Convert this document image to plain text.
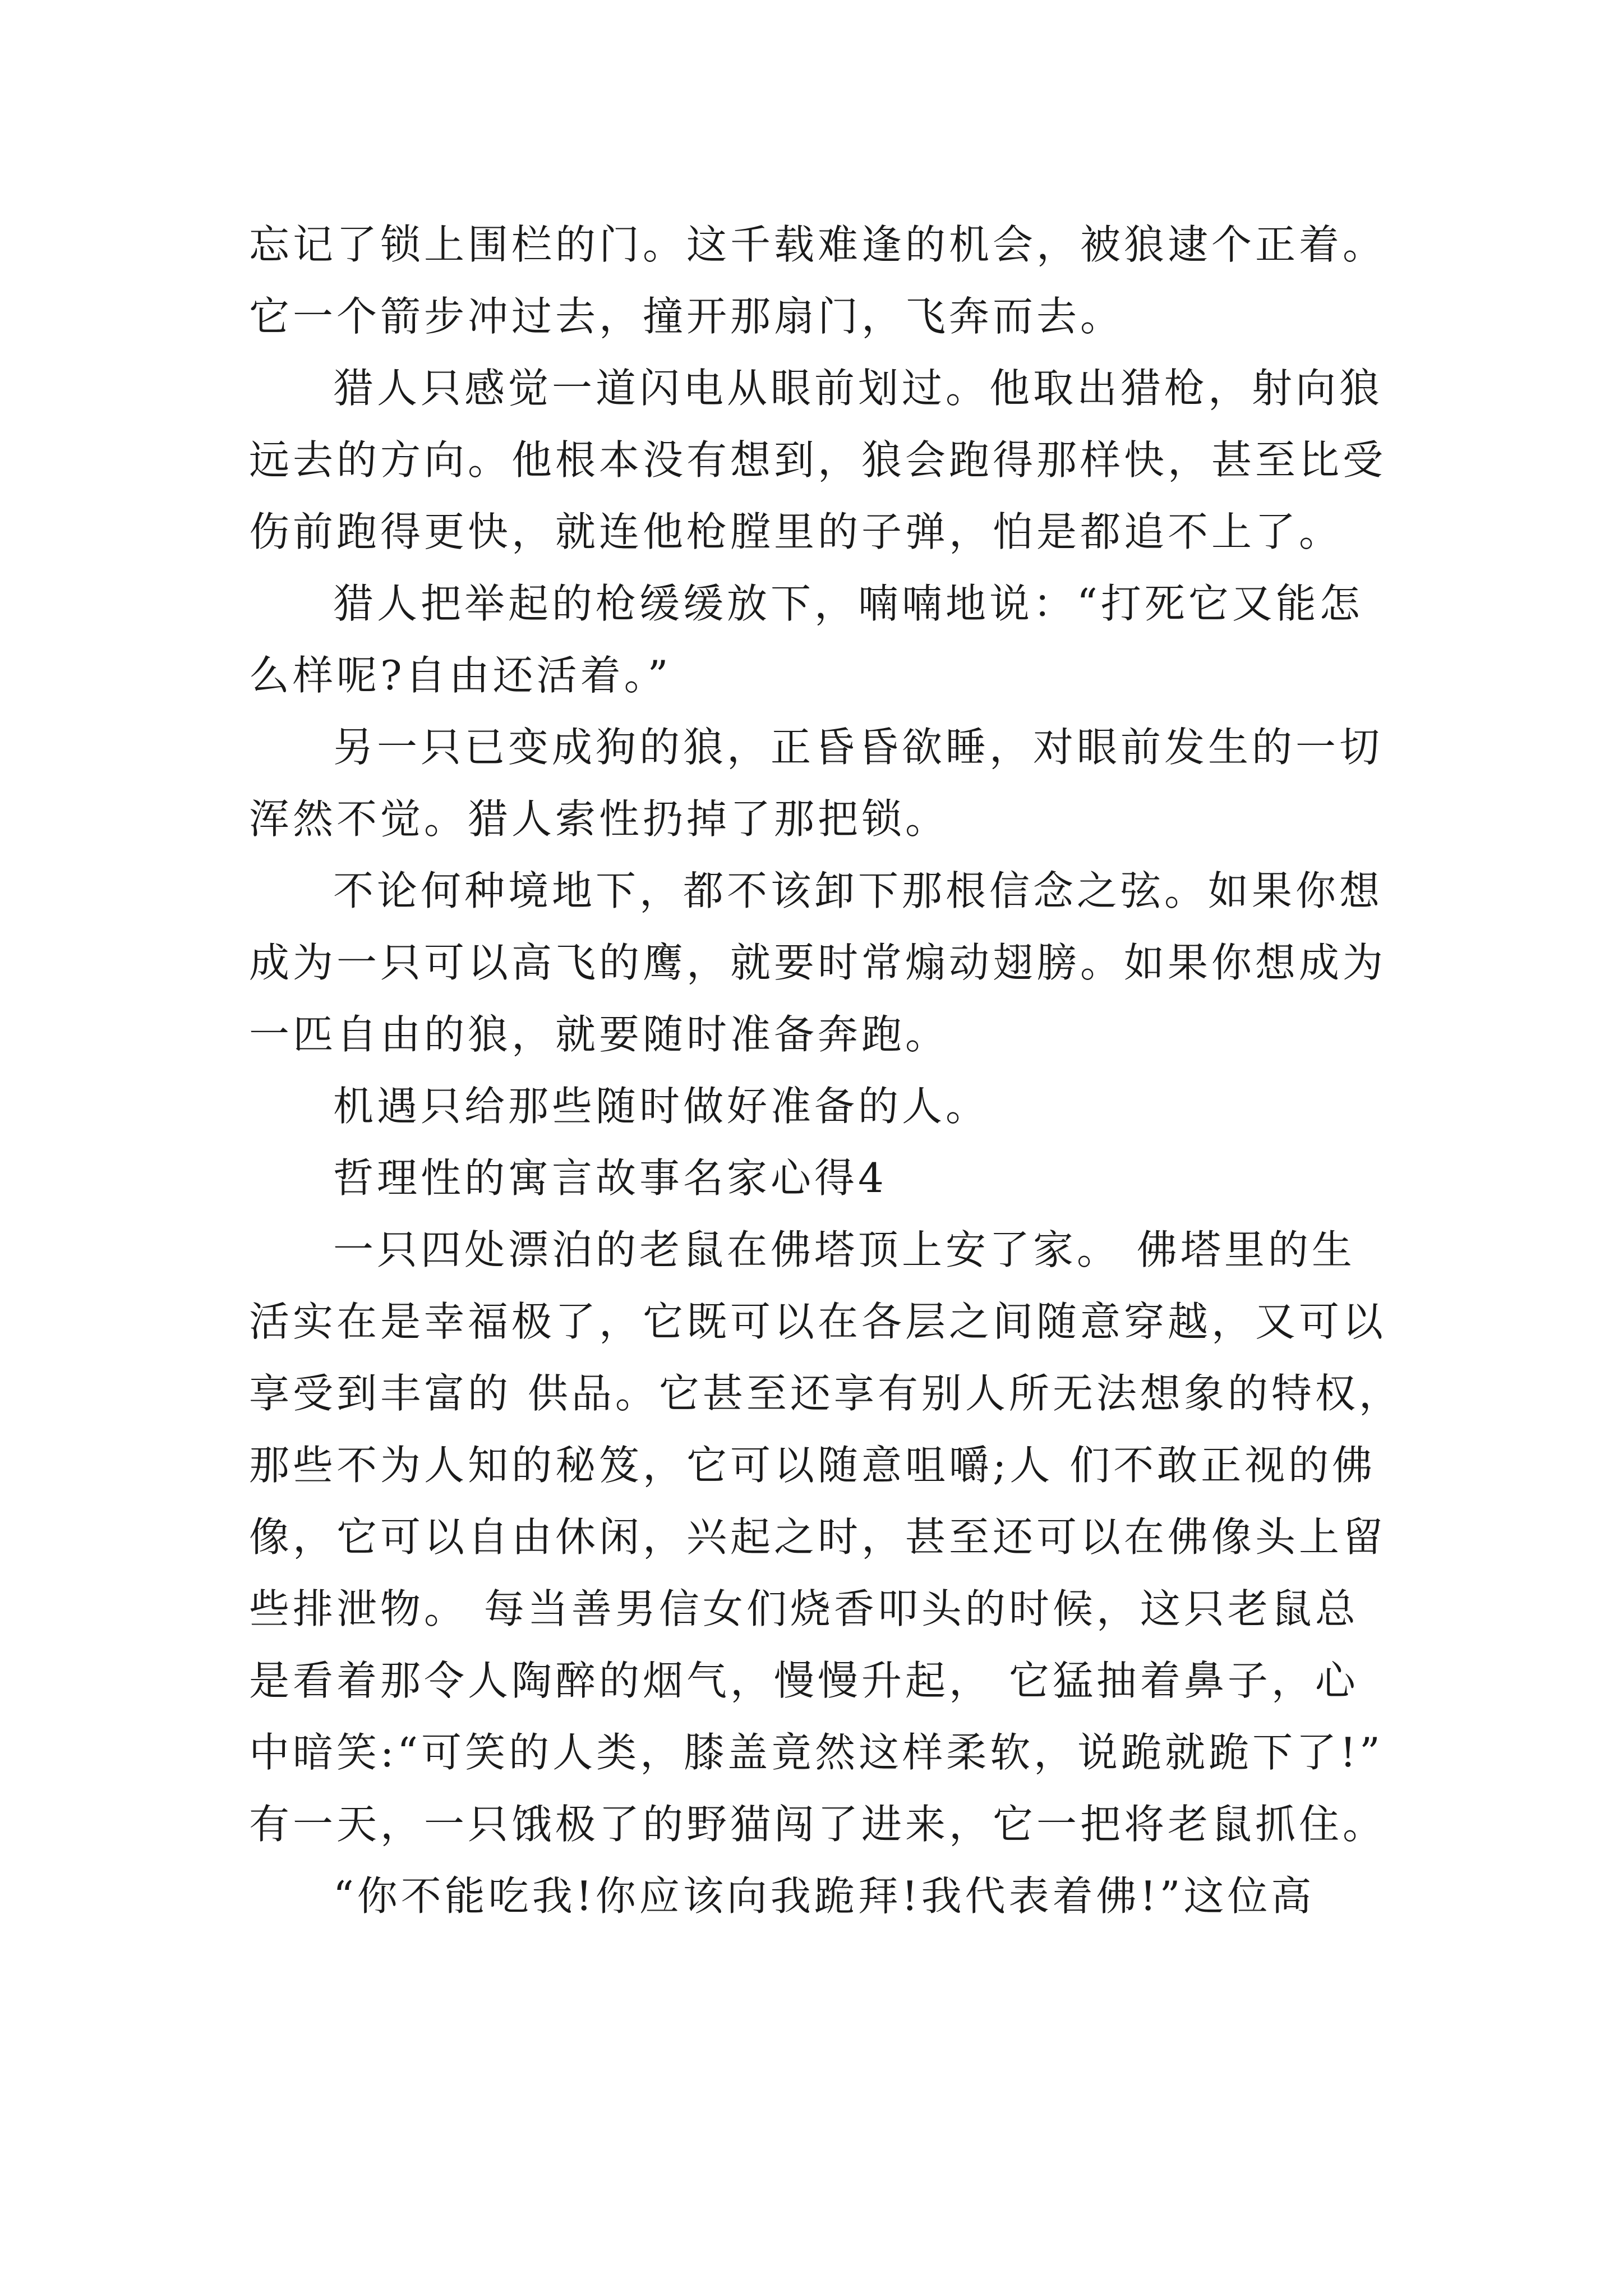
忘记了锁上围栏的门。这千载难逢的机会，被狼逮个正着。
它一个箭步冲过去，撞开那扇门，飞奔而去。
猎人只感觉一道闪电从眼前划过。他取出猎枪，射向狼
远去的方向。他根本没有想到，狼会跑得那样快，甚至比受
伤前跑得更快，就连他枪膛里的子弹，怕是都追不上了。
猎人把举起的枪缓缓放下，喃喃地说：“打死它又能怎
么样呢?自由还活着。”
另一只已变成狗的狼，正昏昏欲睡，对眼前发生的一切
浑然不觉。猎人索性扔掉了那把锁。
不论何种境地下，都不该卸下那根信念之弦。如果你想
成为一只可以高飞的鹰，就要时常煽动翅膀。如果你想成为
一匹自由的狼，就要随时准备奔跑。
机遇只给那些随时做好准备的人。
哲理性的寓言故事名家心得4
一只四处漂泊的老鼠在佛塔顶上安了家。 佛塔里的生
活实在是幸福极了，它既可以在各层之间随意穿越，又可以
享受到丰富的 供品。它甚至还享有别人所无法想象的特权，
那些不为人知的秘笈，它可以随意咀嚼;人 们不敢正视的佛
像，它可以自由休闲，兴起之时，甚至还可以在佛像头上留
些排泄物。 每当善男信女们烧香叩头的时候，这只老鼠总
是看着那令人陶醉的烟气，慢慢升起， 它猛抽着鼻子，心
中暗笑:“可笑的人类，膝盖竟然这样柔软，说跪就跪下了!”
有一天，一只饿极了的野猫闯了进来，它一把将老鼠抓住。
“你不能吃我!你应该向我跪拜!我代表着佛!”这位高
